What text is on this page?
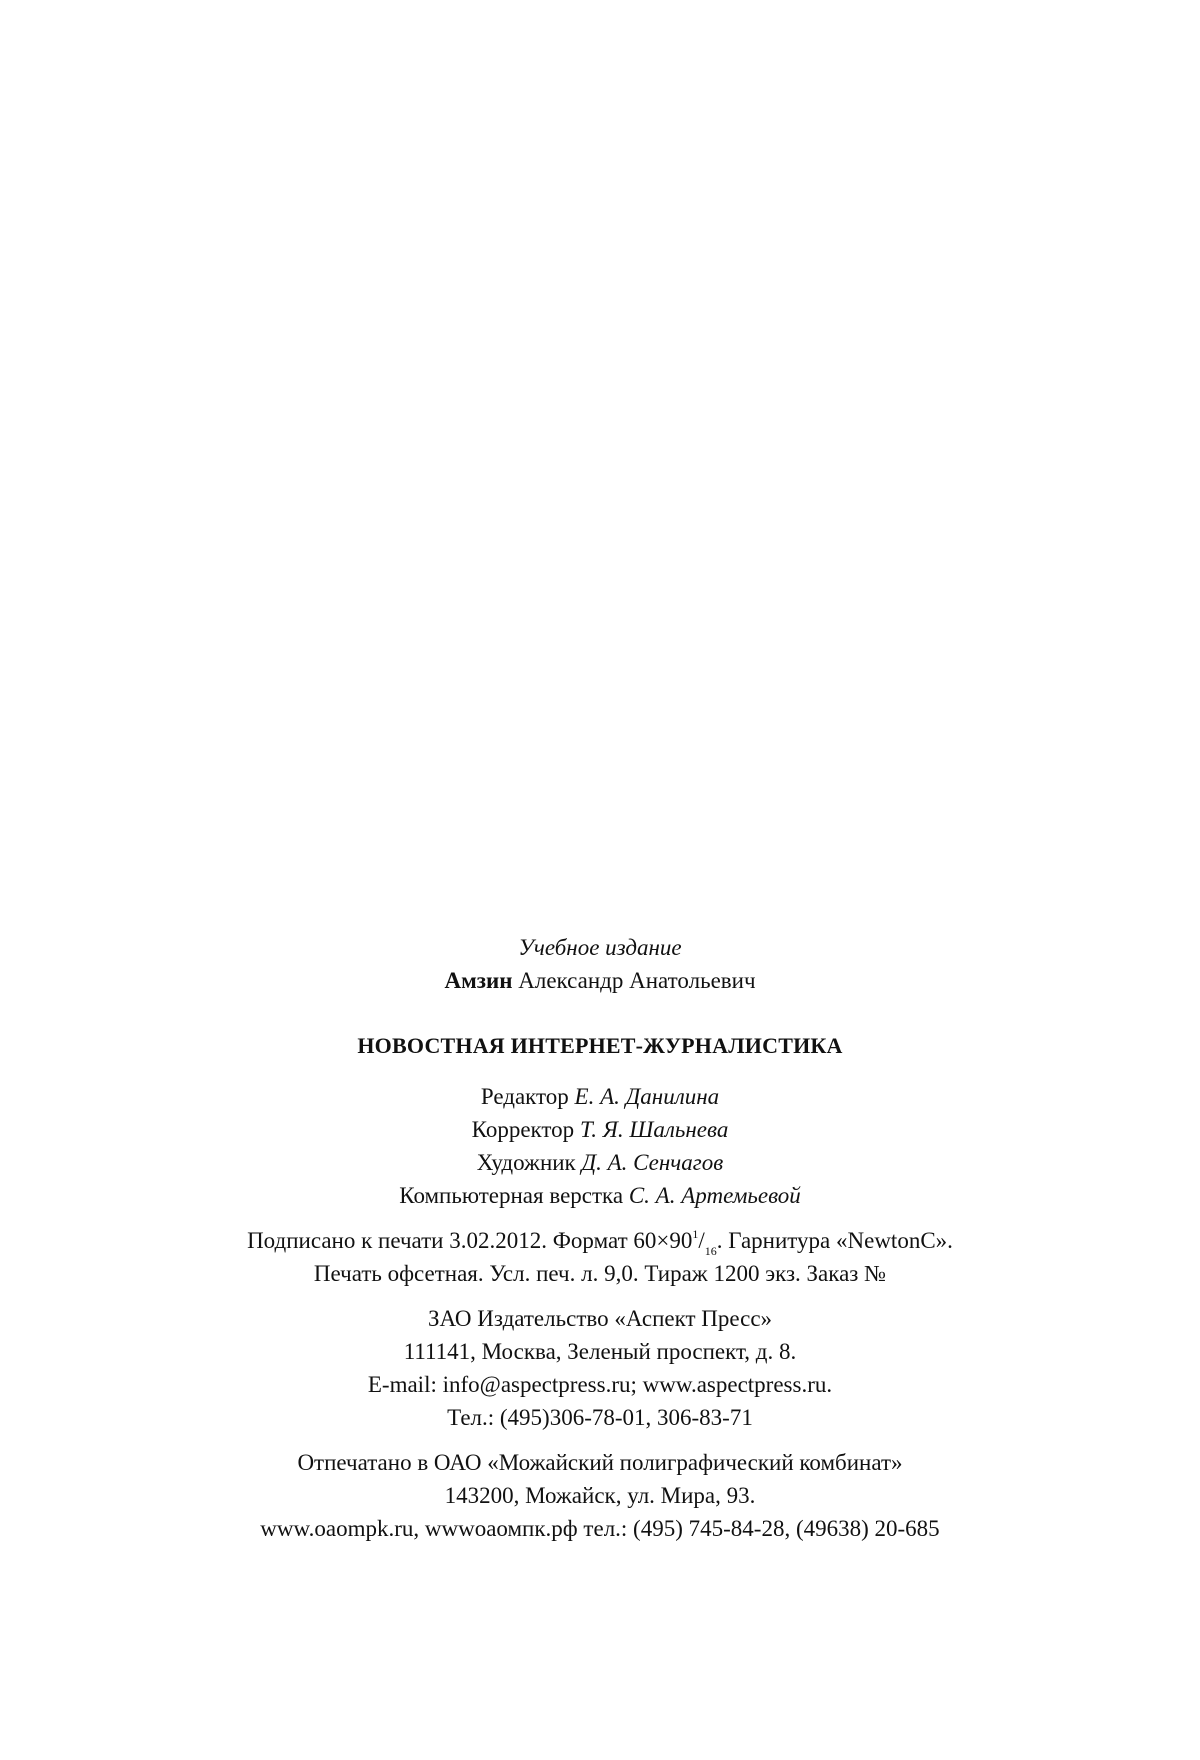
Учебное издание
Амзин Александр Анатольевич
НОВОСТНАЯ ИНТЕРНЕТ-ЖУРНАЛИСТИКА
Редактор Е. А. Данилина
Корректор Т. Я. Шальнева
Художник Д. А. Сенчагов
Компьютерная верстка С. А. Артемьевой
Подписано к печати 3.02.2012. Формат $60\times 90^1/_{16}$. Гарнитура «NewtonC».
Печать офсетная. Усл. печ. л. 9,0. Тираж 1200 экз. Заказ №
ЗАО Издательство «Аспект Пресс»
111141, Москва, Зеленый проспект, д. 8.
E-mail: info@aspectpress.ru; www.aspectpress.ru.
Тел.: (495)306-78-01, 306-83-71
Отпечатано в ОАО «Можайский полиграфический комбинат»
143200, Можайск, ул. Мира, 93.
www.oaompk.ru, wwwоаомпк.рф тел.: (495) 745-84-28, (49638) 20-685
